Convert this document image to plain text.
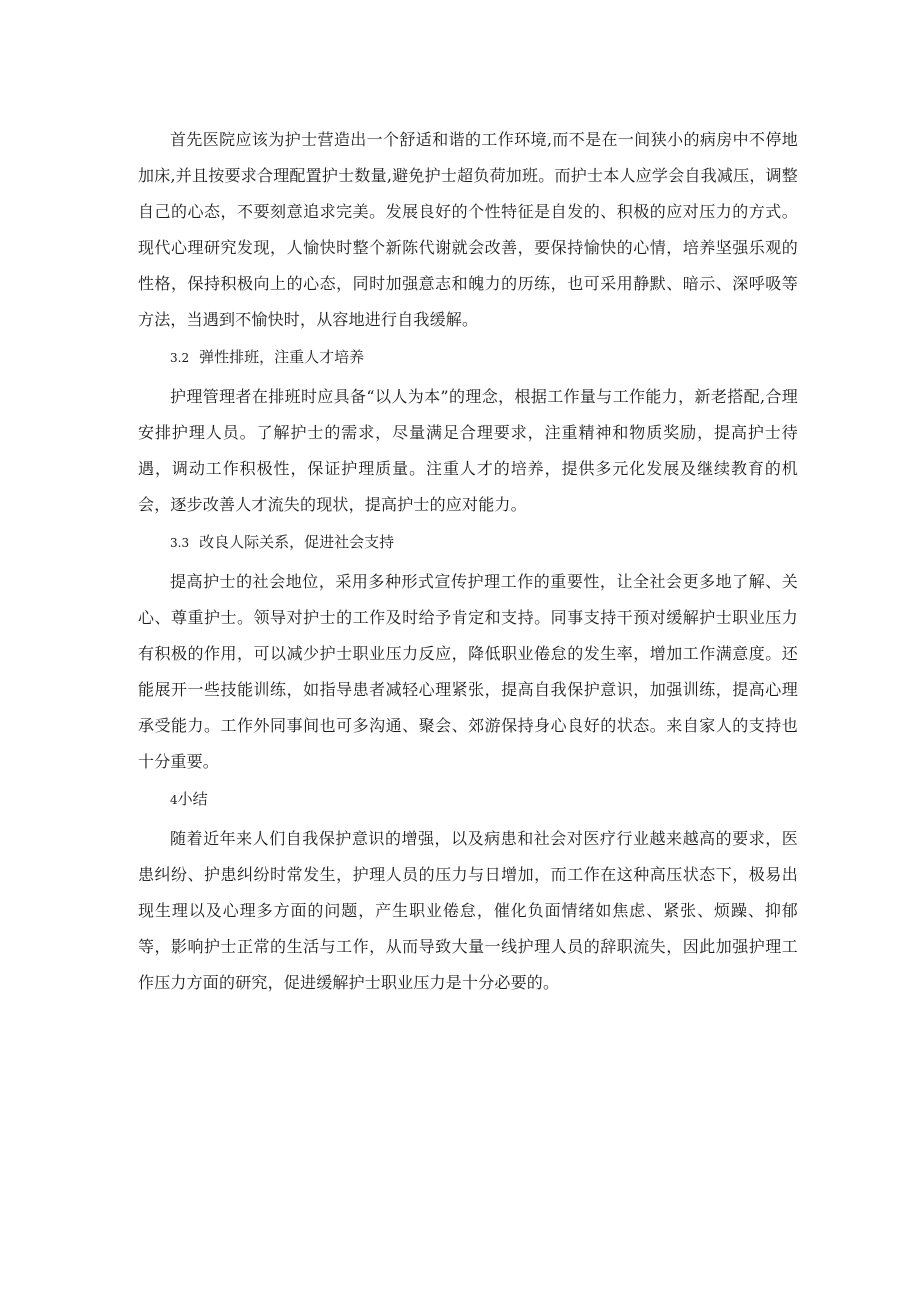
首先医院应该为护士营造出一个舒适和谐的工作环境,而不是在一间狭小的病房中不停地加床,并且按要求合理配置护士数量,避免护士超负荷加班。而护士本人应学会自我减压，调整自己的心态，不要刻意追求完美。发展良好的个性特征是自发的、积极的应对压力的方式。现代心理研究发现，人愉快时整个新陈代谢就会改善，要保持愉快的心情，培养坚强乐观的性格，保持积极向上的心态，同时加强意志和魄力的历练，也可采用静默、暗示、深呼吸等方法，当遇到不愉快时，从容地进行自我缓解。

3.2 弹性排班，注重人才培养

护理管理者在排班时应具备“以人为本”的理念，根据工作量与工作能力，新老搭配,合理安排护理人员。了解护士的需求，尽量满足合理要求，注重精神和物质奖励，提高护士待遇，调动工作积极性，保证护理质量。注重人才的培养，提供多元化发展及继续教育的机会，逐步改善人才流失的现状，提高护士的应对能力。

3.3 改良人际关系，促进社会支持

提高护士的社会地位，采用多种形式宣传护理工作的重要性，让全社会更多地了解、关心、尊重护士。领导对护士的工作及时给予肯定和支持。同事支持干预对缓解护士职业压力有积极的作用，可以减少护士职业压力反应，降低职业倦怠的发生率，增加工作满意度。还能展开一些技能训练，如指导患者减轻心理紧张，提高自我保护意识，加强训练，提高心理承受能力。工作外同事间也可多沟通、聚会、郊游保持身心良好的状态。来自家人的支持也十分重要。

4小结

随着近年来人们自我保护意识的增强，以及病患和社会对医疗行业越来越高的要求，医患纠纷、护患纠纷时常发生，护理人员的压力与日增加，而工作在这种高压状态下，极易出现生理以及心理多方面的问题，产生职业倦怠，催化负面情绪如焦虑、紧张、烦躁、抑郁等，影响护士正常的生活与工作，从而导致大量一线护理人员的辞职流失，因此加强护理工作压力方面的研究，促进缓解护士职业压力是十分必要的。
